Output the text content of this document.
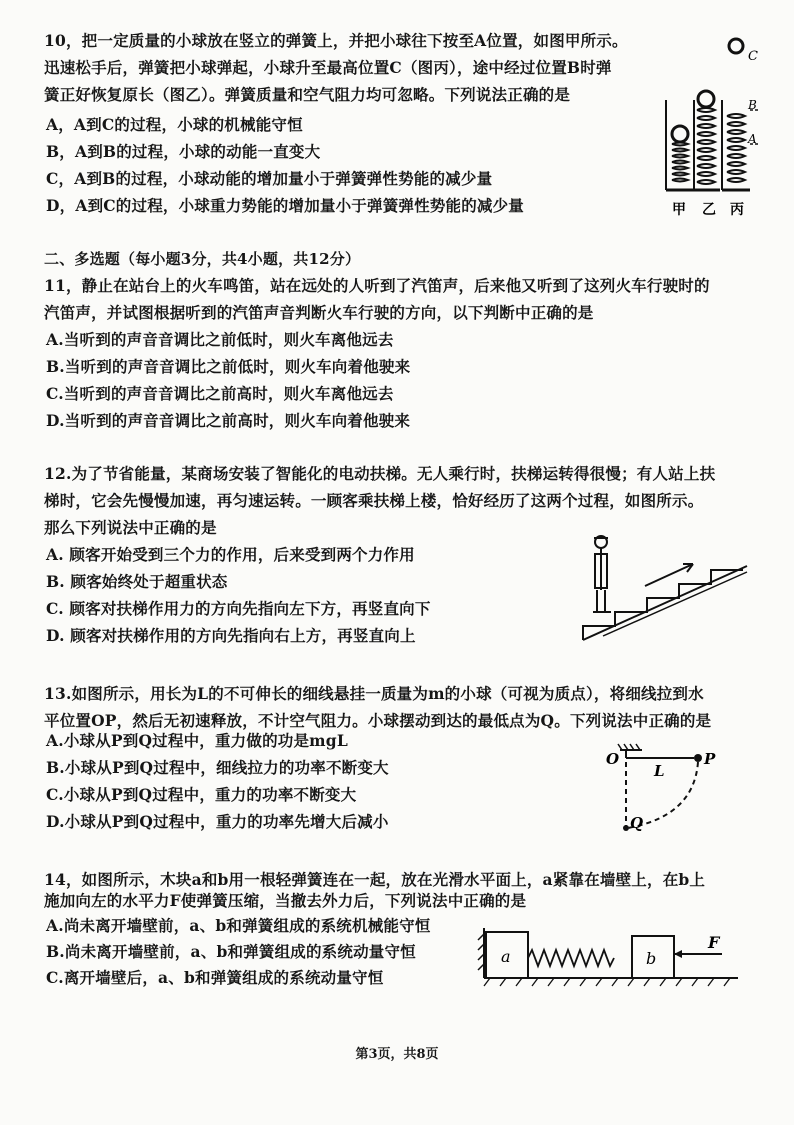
10，把一定质量的小球放在竖立的弹簧上，并把小球往下按至A位置，如图甲所示。
迅速松手后，弹簧把小球弹起，小球升至最高位置C（图丙），途中经过位置B时弹
簧正好恢复原长（图乙）。弹簧质量和空气阻力均可忽略。下列说法正确的是
A，A到C的过程，小球的机械能守恒
B，A到B的过程，小球的动能一直变大
C，A到B的过程，小球动能的增加量小于弹簧弹性势能的减少量
D，A到C的过程，小球重力势能的增加量小于弹簧弹性势能的减少量
C
B
A
甲 乙 丙
二、多选题（每小题3分，共4小题，共12分）
11，静止在站台上的火车鸣笛，站在远处的人听到了汽笛声，后来他又听到了这列火车行驶时的
汽笛声，并试图根据听到的汽笛声音判断火车行驶的方向，以下判断中正确的是
A.当听到的声音音调比之前低时，则火车离他远去
B.当听到的声音音调比之前低时，则火车向着他驶来
C.当听到的声音音调比之前高时，则火车离他远去
D.当听到的声音音调比之前高时，则火车向着他驶来
12.为了节省能量，某商场安装了智能化的电动扶梯。无人乘行时，扶梯运转得很慢；有人站上扶
梯时，它会先慢慢加速，再匀速运转。一顾客乘扶梯上楼，恰好经历了这两个过程，如图所示。
那么下列说法中正确的是
A. 顾客开始受到三个力的作用，后来受到两个力作用
B. 顾客始终处于超重状态
C. 顾客对扶梯作用力的方向先指向左下方，再竖直向下
D. 顾客对扶梯作用的方向先指向右上方，再竖直向上
13.如图所示，用长为L的不可伸长的细线悬挂一质量为m的小球（可视为质点），将细线拉到水
平位置OP，然后无初速释放，不计空气阻力。小球摆动到达的最低点为Q。下列说法中正确的是
A.小球从P到Q过程中，重力做的功是mgL
B.小球从P到Q过程中，细线拉力的功率不断变大
C.小球从P到Q过程中，重力的功率不断变大
D.小球从P到Q过程中，重力的功率先增大后减小
O
L
P
Q
14，如图所示，木块a和b用一根轻弹簧连在一起，放在光滑水平面上，a紧靠在墙壁上，在b上
施加向左的水平力F使弹簧压缩，当撤去外力后，下列说法中正确的是
A.尚未离开墙壁前，a、b和弹簧组成的系统机械能守恒
B.尚未离开墙壁前，a、b和弹簧组成的系统动量守恒
C.离开墙壁后，a、b和弹簧组成的系统动量守恒
a	b
F
第3页，共8页
